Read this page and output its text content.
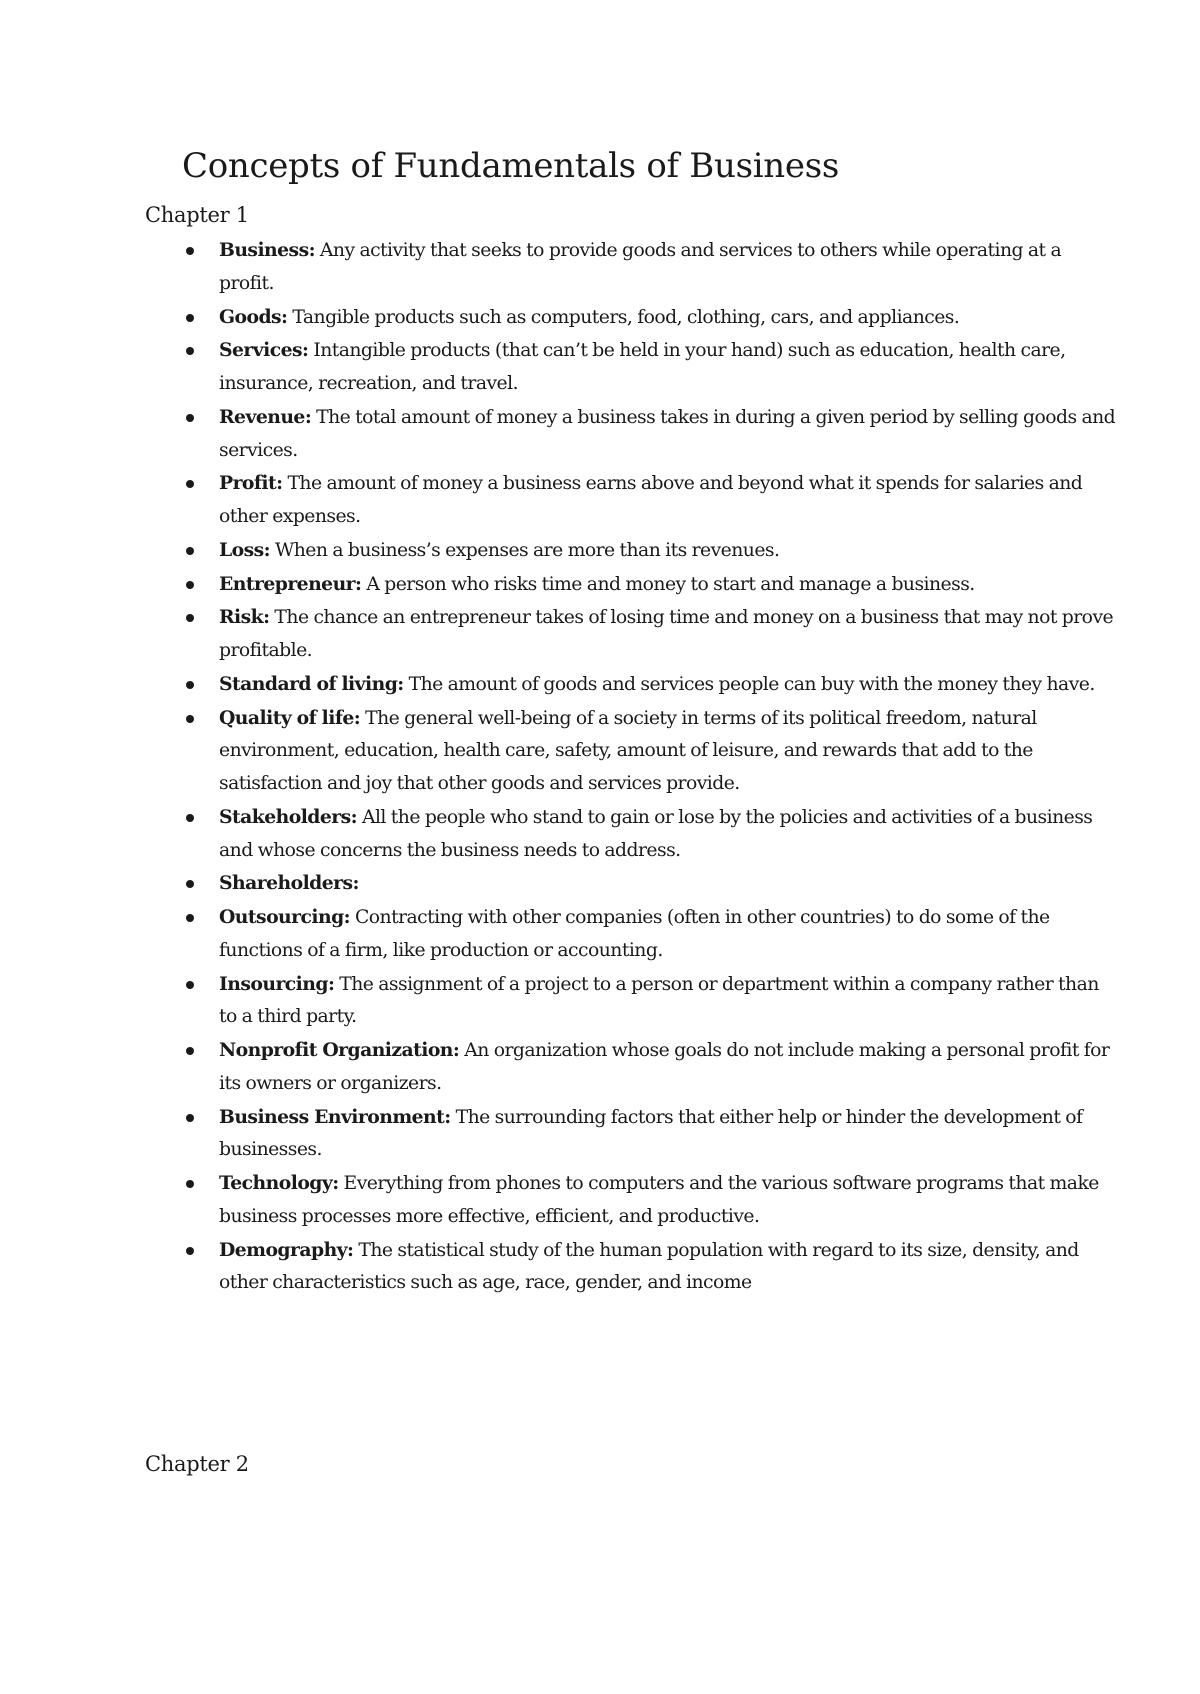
Concepts of Fundamentals of Business
Chapter 1
Business: Any activity that seeks to provide goods and services to others while operating at a profit.
Goods: Tangible products such as computers, food, clothing, cars, and appliances.
Services: Intangible products (that can’t be held in your hand) such as education, health care, insurance, recreation, and travel.
Revenue: The total amount of money a business takes in during a given period by selling goods and services.
Profit: The amount of money a business earns above and beyond what it spends for salaries and other expenses.
Loss: When a business’s expenses are more than its revenues.
Entrepreneur: A person who risks time and money to start and manage a business.
Risk: The chance an entrepreneur takes of losing time and money on a business that may not prove profitable.
Standard of living: The amount of goods and services people can buy with the money they have.
Quality of life: The general well-being of a society in terms of its political freedom, natural environment, education, health care, safety, amount of leisure, and rewards that add to the satisfaction and joy that other goods and services provide.
Stakeholders: All the people who stand to gain or lose by the policies and activities of a business and whose concerns the business needs to address.
Shareholders:
Outsourcing: Contracting with other companies (often in other countries) to do some of the functions of a firm, like production or accounting.
Insourcing: The assignment of a project to a person or department within a company rather than to a third party.
Nonprofit Organization: An organization whose goals do not include making a personal profit for its owners or organizers.
Business Environment: The surrounding factors that either help or hinder the development of businesses.
Technology: Everything from phones to computers and the various software programs that make business processes more effective, efficient, and productive.
Demography: The statistical study of the human population with regard to its size, density, and other characteristics such as age, race, gender, and income
Chapter 2
